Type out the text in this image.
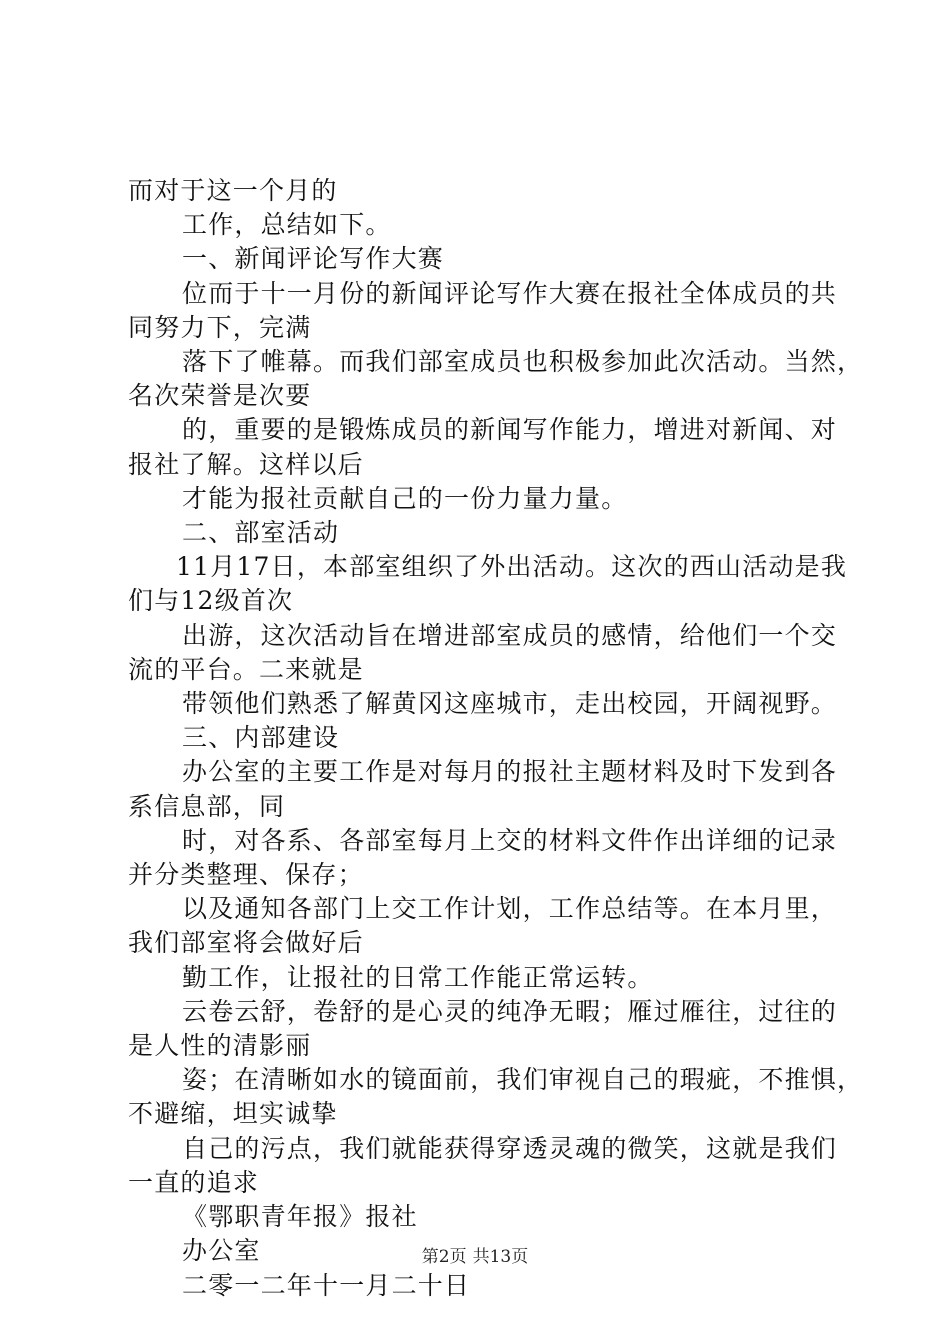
而对于这一个月的
工作，总结如下。
一、新闻评论写作大赛
位而于十一月份的新闻评论写作大赛在报社全体成员的共
同努力下，完满
落下了帷幕。而我们部室成员也积极参加此次活动。当然，
名次荣誉是次要
的，重要的是锻炼成员的新闻写作能力，增进对新闻、对
报社了解。这样以后
才能为报社贡献自己的一份力量力量。
二、部室活动
11月17日，本部室组织了外出活动。这次的西山活动是我
们与12级首次
出游，这次活动旨在增进部室成员的感情，给他们一个交
流的平台。二来就是
带领他们熟悉了解黄冈这座城市，走出校园，开阔视野。
三、内部建设
办公室的主要工作是对每月的报社主题材料及时下发到各
系信息部，同
时，对各系、各部室每月上交的材料文件作出详细的记录
并分类整理、保存；
以及通知各部门上交工作计划，工作总结等。在本月里，
我们部室将会做好后
勤工作，让报社的日常工作能正常运转。
云卷云舒，卷舒的是心灵的纯净无暇；雁过雁往，过往的
是人性的清影丽
姿；在清晰如水的镜面前，我们审视自己的瑕疵，不推惧，
不避缩，坦实诚挚
自己的污点，我们就能获得穿透灵魂的微笑，这就是我们
一直的追求
《鄂职青年报》报社
办公室
二零一二年十一月二十日
第2页 共13页
